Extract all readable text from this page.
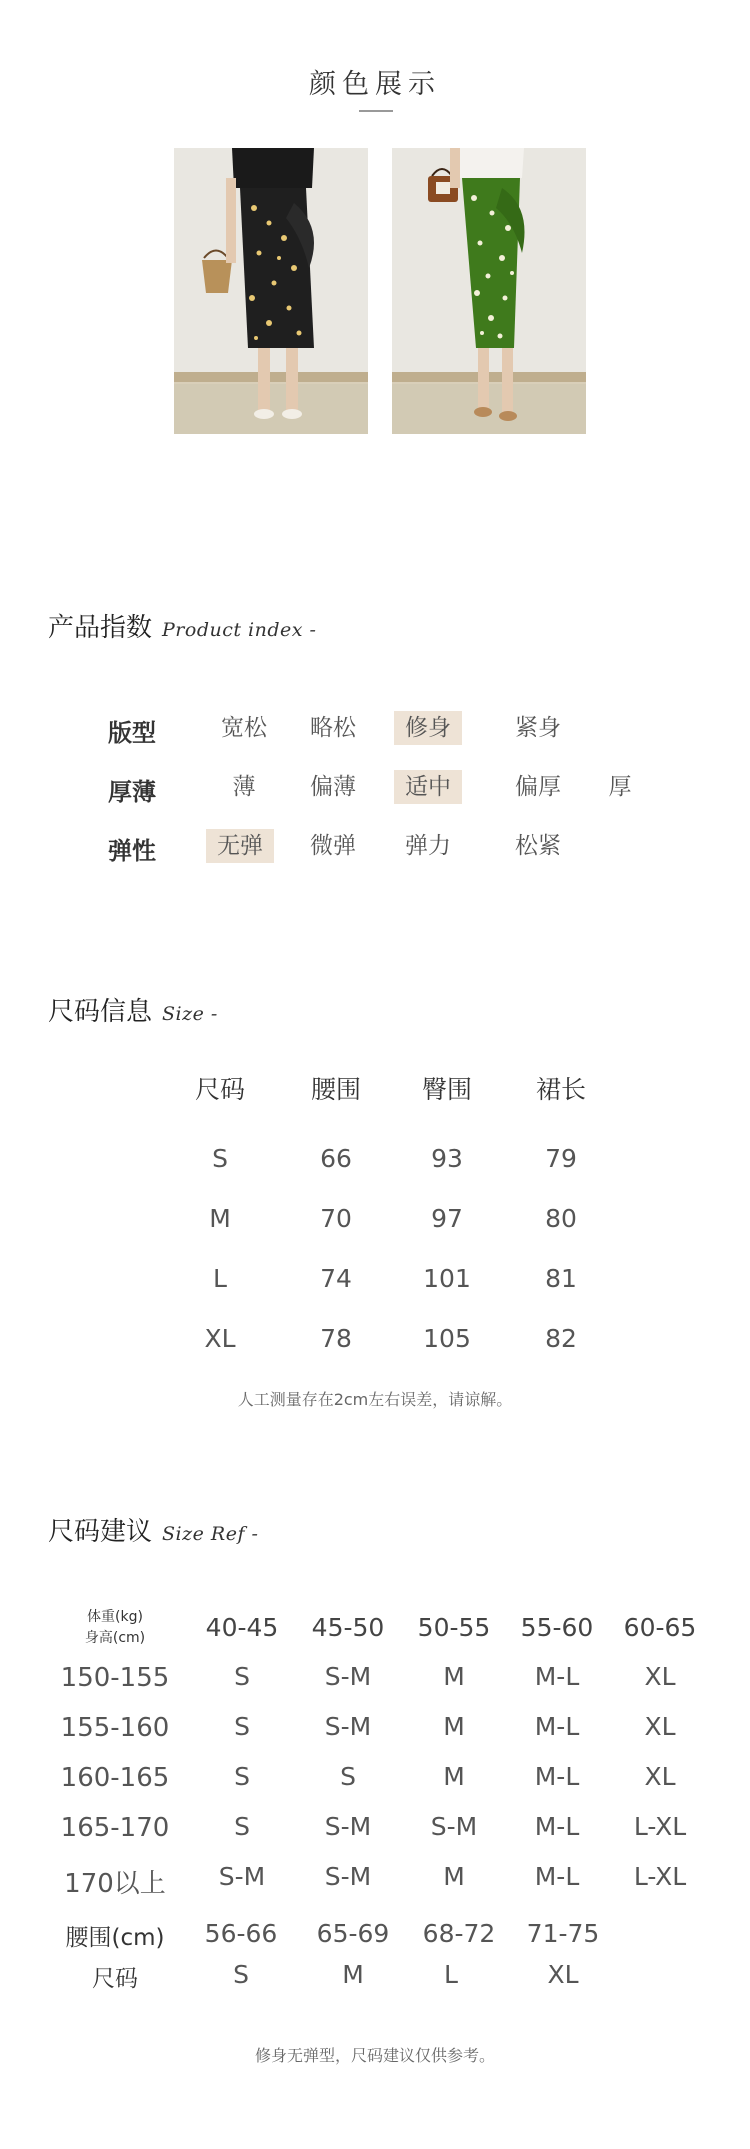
颜色展示
产品指数 Product index -
版型	宽松	略松	修身	紧身
厚薄	薄	偏薄	适中	偏厚	厚
弹性	无弹	微弹	弹力	松紧
尺码信息 Size -
尺码	腰围	臀围	裙长
S	66	93	79
M	70	97	80
L	74	101	81
XL	78	105	82
人工测量存在2cm左右误差，请谅解。
尺码建议 Size Ref -
体重(kg)
身高(cm)	40-45	45-50	50-55	55-60	60-65
150-155	S	S-M	M	M-L	XL
155-160	S	S-M	M	M-L	XL
160-165	S	S	M	M-L	XL
165-170	S	S-M	S-M	M-L	L-XL
170以上	S-M	S-M	M	M-L	L-XL
腰围(cm)	56-66	65-69	68-72	71-75
尺码	S	M	L	XL
修身无弹型，尺码建议仅供参考。
